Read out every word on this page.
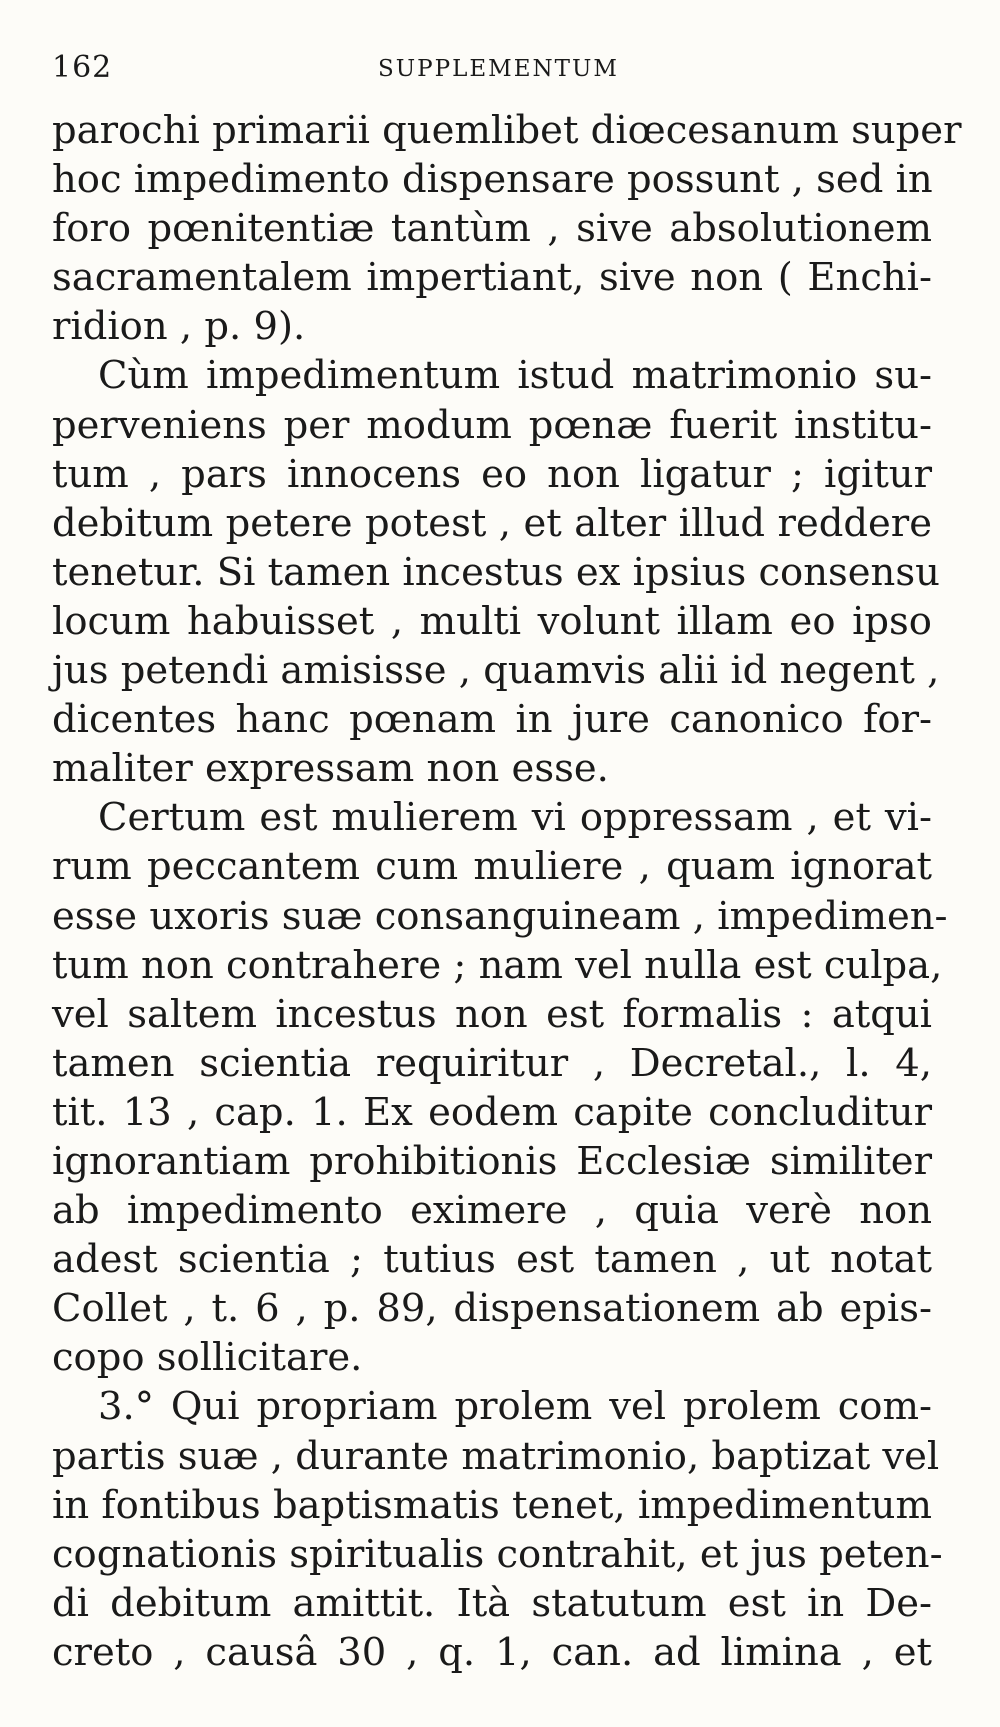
162	SUPPLEMENTUM
parochi primarii quemlibet diœcesanum super
hoc impedimento dispensare possunt , sed in
foro pœnitentiæ tantùm , sive absolutionem
sacramentalem impertiant, sive non ( Enchi-
ridion , p. 9).
Cùm impedimentum istud matrimonio su-
perveniens per modum pœnæ fuerit institu-
tum , pars innocens eo non ligatur ; igitur
debitum petere potest , et alter illud reddere
tenetur. Si tamen incestus ex ipsius consensu
locum habuisset , multi volunt illam eo ipso
jus petendi amisisse , quamvis alii id negent ,
dicentes hanc pœnam in jure canonico for-
maliter expressam non esse.
Certum est mulierem vi oppressam , et vi-
rum peccantem cum muliere , quam ignorat
esse uxoris suæ consanguineam , impedimen-
tum non contrahere ; nam vel nulla est culpa,
vel saltem incestus non est formalis : atqui
tamen scientia requiritur , Decretal., l. 4,
tit. 13 , cap. 1. Ex eodem capite concluditur
ignorantiam prohibitionis Ecclesiæ similiter
ab impedimento eximere , quia verè non
adest scientia ; tutius est tamen , ut notat
Collet , t. 6 , p. 89, dispensationem ab epis-
copo sollicitare.
3.° Qui propriam prolem vel prolem com-
partis suæ , durante matrimonio, baptizat vel
in fontibus baptismatis tenet, impedimentum
cognationis spiritualis contrahit, et jus peten-
di debitum amittit. Ità statutum est in De-
creto , causâ 30 , q. 1, can. ad limina , et
